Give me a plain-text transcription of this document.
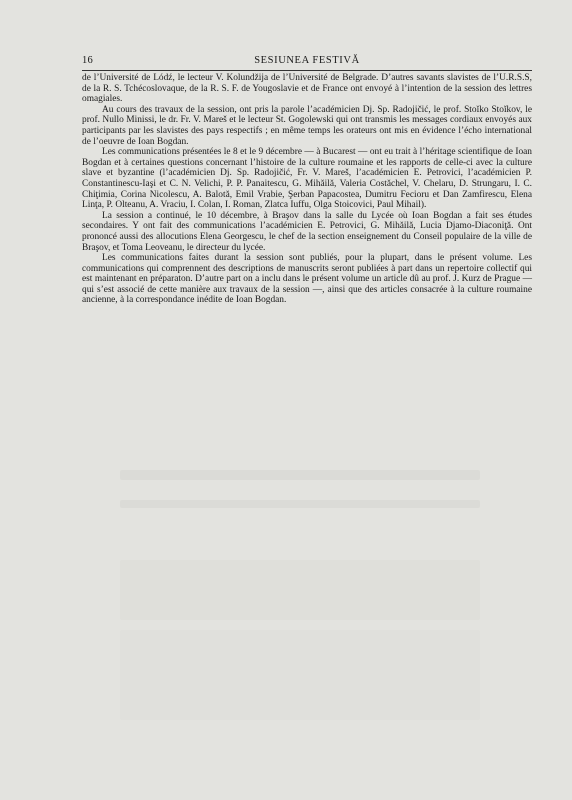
16	SESIUNEA FESTIVĂ

de l’Université de Lódź, le lecteur V. Kolundžija de l’Université de Belgrade. D’autres savants slavistes de l’U.R.S.S, de la R. S. Tchécoslovaque, de la R. S. F. de Yougoslavie et de France ont envoyé à l’intention de la session des lettres omagiales.

Au cours des travaux de la session, ont pris la parole l’académicien Dj. Sp. Radojičić, le prof. Stoĭko Stoĭkov, le prof. Nullo Minissi, le dr. Fr. V. Mareš et le lecteur St. Gogolewski qui ont transmis les messages cordiaux envoyés aux participants par les slavistes des pays respectifs ; en même temps les orateurs ont mis en évidence l’écho international de l’oeuvre de Ioan Bogdan.

Les communications présentées le 8 et le 9 décembre — à Bucarest — ont eu trait à l’héritage scientifique de Ioan Bogdan et à certaines questions concernant l’histoire de la culture roumaine et les rapports de celle-ci avec la culture slave et byzantine (l’académicien Dj. Sp. Radojičić, Fr. V. Mareš, l’académicien E. Petrovici, l’académicien P. Constantinescu-Iaşi et C. N. Velichi, P. P. Panaitescu, G. Mihăilă, Valeria Costăchel, V. Chelaru, D. Strungaru, I. C. Chiţimia, Corina Nicolescu, A. Balotă, Emil Vrabie, Şerban Papacostea, Dumitru Fecioru et Dan Zamfirescu, Elena Linţa, P. Olteanu, A. Vraciu, I. Colan, I. Roman, Zlatca Iuffu, Olga Stoicovici, Paul Mihail).

La session a continué, le 10 décembre, à Braşov dans la salle du Lycée où Ioan Bogdan a fait ses études secondaires. Y ont fait des communications l’académicien E. Petrovici, G. Mihăilă, Lucia Djamo-Diaconiţă. Ont prononcé aussi des allocutions Elena Georgescu, le chef de la section enseignement du Conseil populaire de la ville de Braşov, et Toma Leoveanu, le directeur du lycée.

Les communications faites durant la session sont publiés, pour la plupart, dans le présent volume. Les communications qui comprennent des descriptions de manuscrits seront publiées à part dans un repertoire collectif qui est maintenant en préparaton. D’autre part on a inclu dans le présent volume un article dû au prof. J. Kurz de Prague — qui s’est associé de cette manière aux travaux de la session —, ainsi que des articles consacrée à la culture roumaine ancienne, à la correspondance inédite de Ioan Bogdan.
